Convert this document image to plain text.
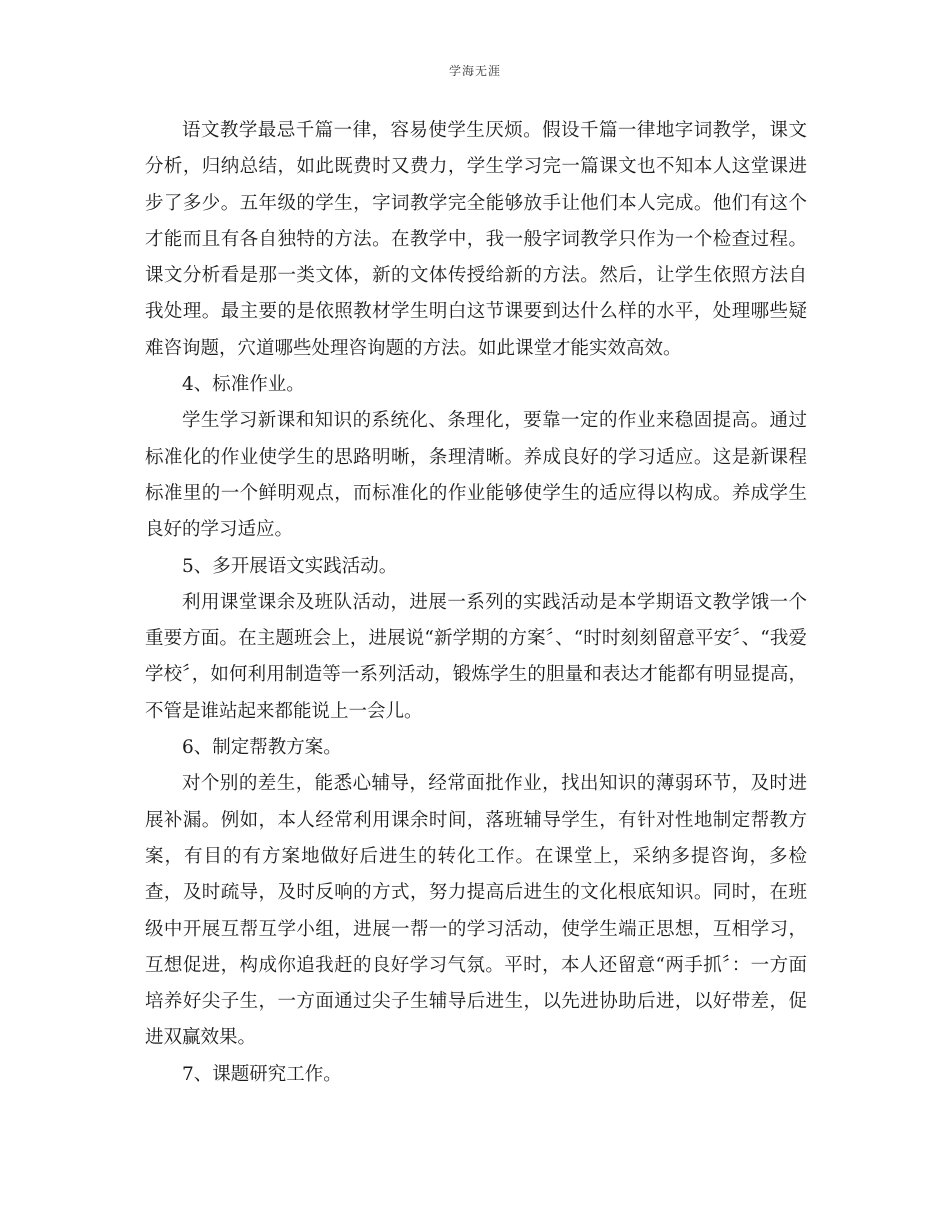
学海无涯

语文教学最忌千篇一律，容易使学生厌烦。假设千篇一律地字词教学，课文分析，归纳总结，如此既费时又费力，学生学习完一篇课文也不知本人这堂课进步了多少。五年级的学生，字词教学完全能够放手让他们本人完成。他们有这个才能而且有各自独特的方法。在教学中，我一般字词教学只作为一个检查过程。课文分析看是那一类文体，新的文体传授给新的方法。然后，让学生依照方法自我处理。最主要的是依照教材学生明白这节课要到达什么样的水平，处理哪些疑难咨询题，穴道哪些处理咨询题的方法。如此课堂才能实效高效。

4、标准作业。

学生学习新课和知识的系统化、条理化，要靠一定的作业来稳固提高。通过标准化的作业使学生的思路明晰，条理清晰。养成良好的学习适应。这是新课程标准里的一个鲜明观点，而标准化的作业能够使学生的适应得以构成。养成学生良好的学习适应。

5、多开展语文实践活动。

利用课堂课余及班队活动，进展一系列的实践活动是本学期语文教学饿一个重要方面。在主题班会上，进展说“新学期的方案〞、“时时刻刻留意平安〞、“我爱学校〞，如何利用制造等一系列活动，锻炼学生的胆量和表达才能都有明显提高，不管是谁站起来都能说上一会儿。

6、制定帮教方案。

对个别的差生，能悉心辅导，经常面批作业，找出知识的薄弱环节，及时进展补漏。例如，本人经常利用课余时间，落班辅导学生，有针对性地制定帮教方案，有目的有方案地做好后进生的转化工作。在课堂上，采纳多提咨询，多检查，及时疏导，及时反响的方式，努力提高后进生的文化根底知识。同时，在班级中开展互帮互学小组，进展一帮一的学习活动，使学生端正思想，互相学习，互想促进，构成你追我赶的良好学习气氛。平时，本人还留意“两手抓〞：一方面培养好尖子生，一方面通过尖子生辅导后进生，以先进协助后进，以好带差，促进双赢效果。

7、课题研究工作。
